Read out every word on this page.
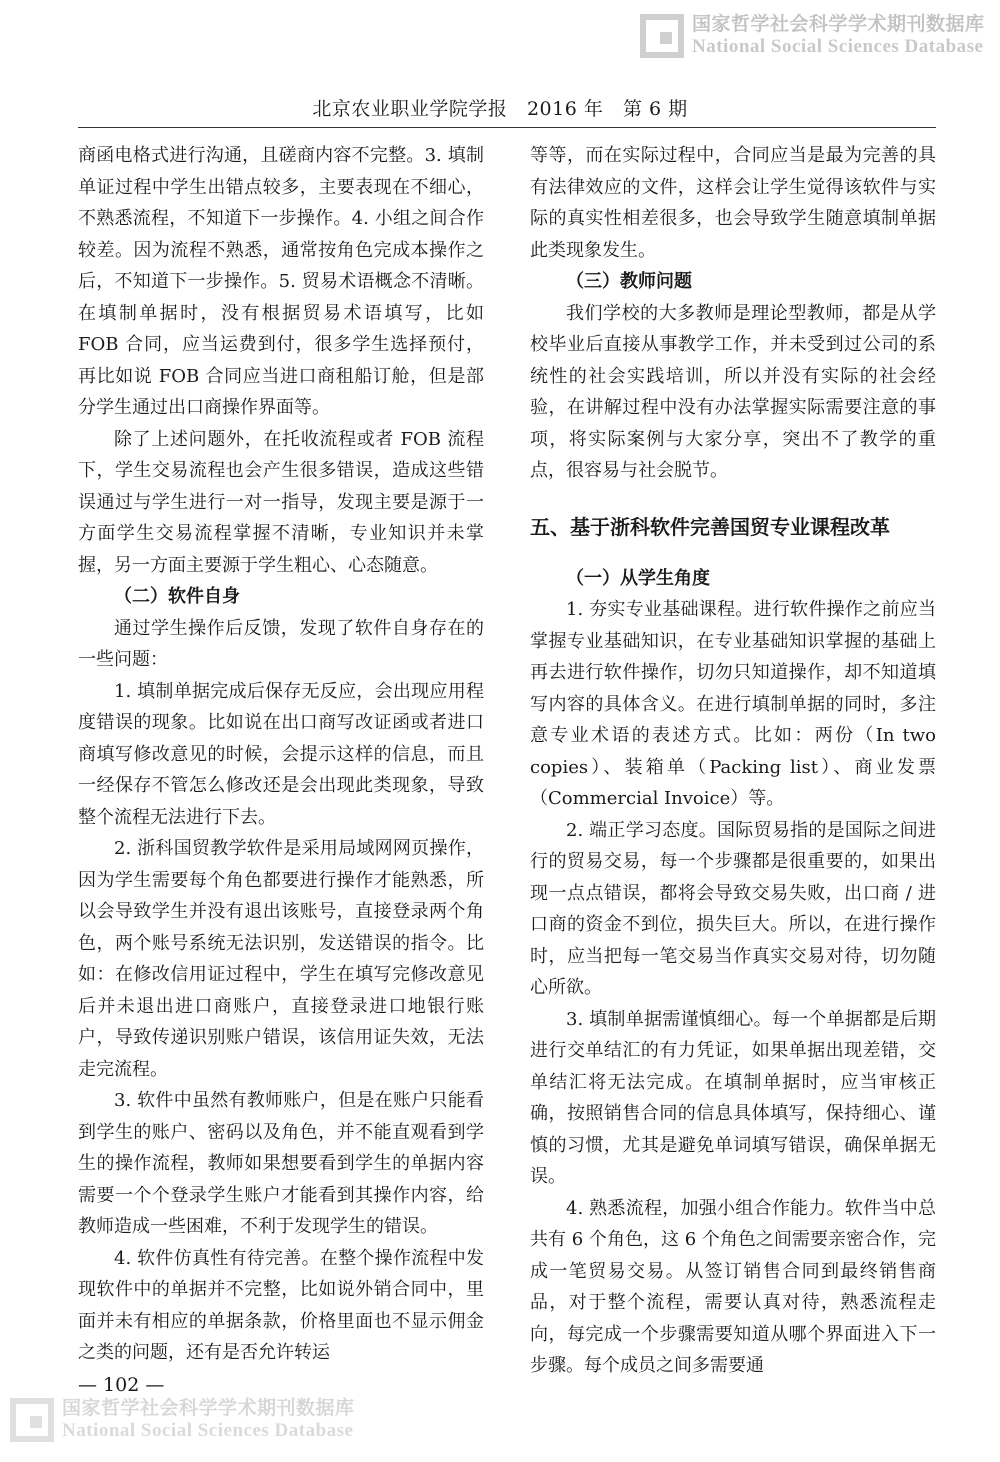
国家哲学社会科学学术期刊数据库
National Social Sciences Database
北京农业职业学院学报   2016 年   第 6 期

商函电格式进行沟通，且磋商内容不完整。3. 填制单证过程中学生出错点较多，主要表现在不细心，不熟悉流程，不知道下一步操作。4. 小组之间合作较差。因为流程不熟悉，通常按角色完成本操作之后，不知道下一步操作。5. 贸易术语概念不清晰。在填制单据时，没有根据贸易术语填写，比如 FOB 合同，应当运费到付，很多学生选择预付，再比如说 FOB 合同应当进口商租船订舱，但是部分学生通过出口商操作界面等。

除了上述问题外，在托收流程或者 FOB 流程下，学生交易流程也会产生很多错误，造成这些错误通过与学生进行一对一指导，发现主要是源于一方面学生交易流程掌握不清晰，专业知识并未掌握，另一方面主要源于学生粗心、心态随意。

（二）软件自身

通过学生操作后反馈，发现了软件自身存在的一些问题：

1. 填制单据完成后保存无反应，会出现应用程度错误的现象。比如说在出口商写改证函或者进口商填写修改意见的时候，会提示这样的信息，而且一经保存不管怎么修改还是会出现此类现象，导致整个流程无法进行下去。

2. 浙科国贸教学软件是采用局域网网页操作，因为学生需要每个角色都要进行操作才能熟悉，所以会导致学生并没有退出该账号，直接登录两个角色，两个账号系统无法识别，发送错误的指令。比如：在修改信用证过程中，学生在填写完修改意见后并未退出进口商账户，直接登录进口地银行账户，导致传递识别账户错误，该信用证失效，无法走完流程。

3. 软件中虽然有教师账户，但是在账户只能看到学生的账户、密码以及角色，并不能直观看到学生的操作流程，教师如果想要看到学生的单据内容需要一个个登录学生账户才能看到其操作内容，给教师造成一些困难，不利于发现学生的错误。

4. 软件仿真性有待完善。在整个操作流程中发现软件中的单据并不完整，比如说外销合同中，里面并未有相应的单据条款，价格里面也不显示佣金之类的问题，还有是否允许转运

等等，而在实际过程中，合同应当是最为完善的具有法律效应的文件，这样会让学生觉得该软件与实际的真实性相差很多，也会导致学生随意填制单据此类现象发生。

（三）教师问题

我们学校的大多教师是理论型教师，都是从学校毕业后直接从事教学工作，并未受到过公司的系统性的社会实践培训，所以并没有实际的社会经验，在讲解过程中没有办法掌握实际需要注意的事项，将实际案例与大家分享，突出不了教学的重点，很容易与社会脱节。

五、基于浙科软件完善国贸专业课程改革
（一）从学生角度

1. 夯实专业基础课程。进行软件操作之前应当掌握专业基础知识，在专业基础知识掌握的基础上再去进行软件操作，切勿只知道操作，却不知道填写内容的具体含义。在进行填制单据的同时，多注意专业术语的表述方式。比如：两份（In two copies）、装箱单（Packing list）、商业发票（Commercial Invoice）等。

2. 端正学习态度。国际贸易指的是国际之间进行的贸易交易，每一个步骤都是很重要的，如果出现一点点错误，都将会导致交易失败，出口商 / 进口商的资金不到位，损失巨大。所以，在进行操作时，应当把每一笔交易当作真实交易对待，切勿随心所欲。

3. 填制单据需谨慎细心。每一个单据都是后期进行交单结汇的有力凭证，如果单据出现差错，交单结汇将无法完成。在填制单据时，应当审核正确，按照销售合同的信息具体填写，保持细心、谨慎的习惯，尤其是避免单词填写错误，确保单据无误。

4. 熟悉流程，加强小组合作能力。软件当中总共有 6 个角色，这 6 个角色之间需要亲密合作，完成一笔贸易交易。从签订销售合同到最终销售商品，对于整个流程，需要认真对待，熟悉流程走向，每完成一个步骤需要知道从哪个界面进入下一步骤。每个成员之间多需要通

— 102 —
国家哲学社会科学学术期刊数据库
National Social Sciences Database
